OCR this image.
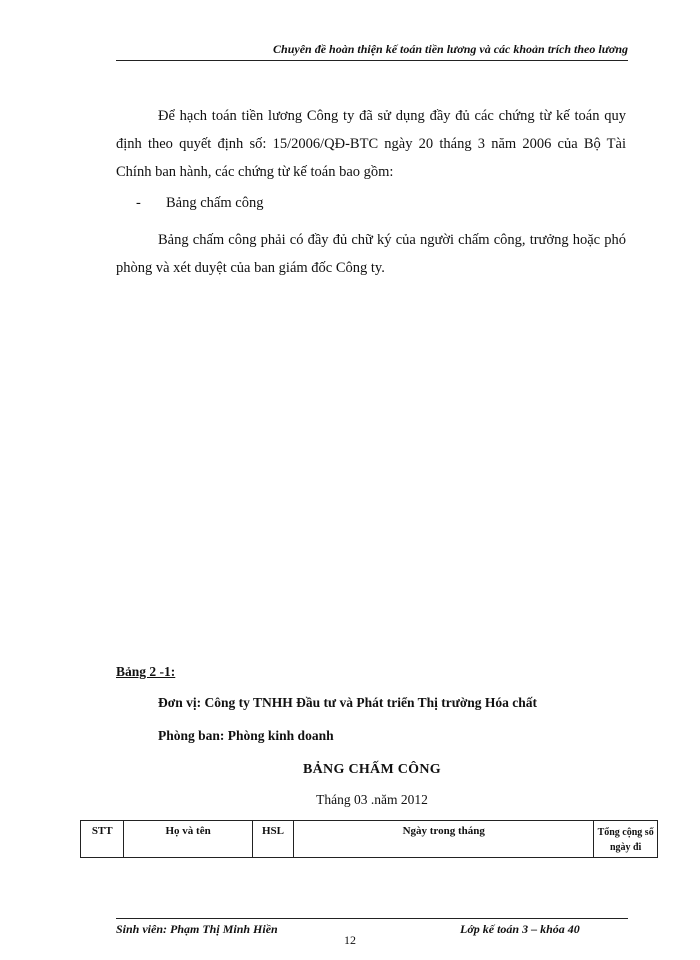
Chuyên đề hoàn thiện kế toán tiền lương và các khoản trích theo lương
Để hạch toán tiền lương Công ty đã sử dụng đầy đủ các chứng từ kế toán quy định theo quyết định số: 15/2006/QĐ-BTC ngày 20 tháng 3 năm 2006 của Bộ Tài Chính ban hành, các chứng từ kế toán bao gồm:
- Bảng chấm công
Bảng chấm công phải có đầy đủ chữ ký của người chấm công, trưởng hoặc phó phòng và xét duyệt của ban giám đốc Công ty.
Bảng 2 -1:
Đơn vị: Công ty TNHH Đầu tư và Phát triển Thị trường Hóa chất
Phòng ban: Phòng kinh doanh
BẢNG CHẤM CÔNG
Tháng 03 .năm 2012
STT	Họ và tên	HSL	Ngày trong tháng	Tổng cộng số ngày đi
Sinh viên: Phạm Thị Minh Hiền	Lớp kế toán 3 – khóa 40
12
